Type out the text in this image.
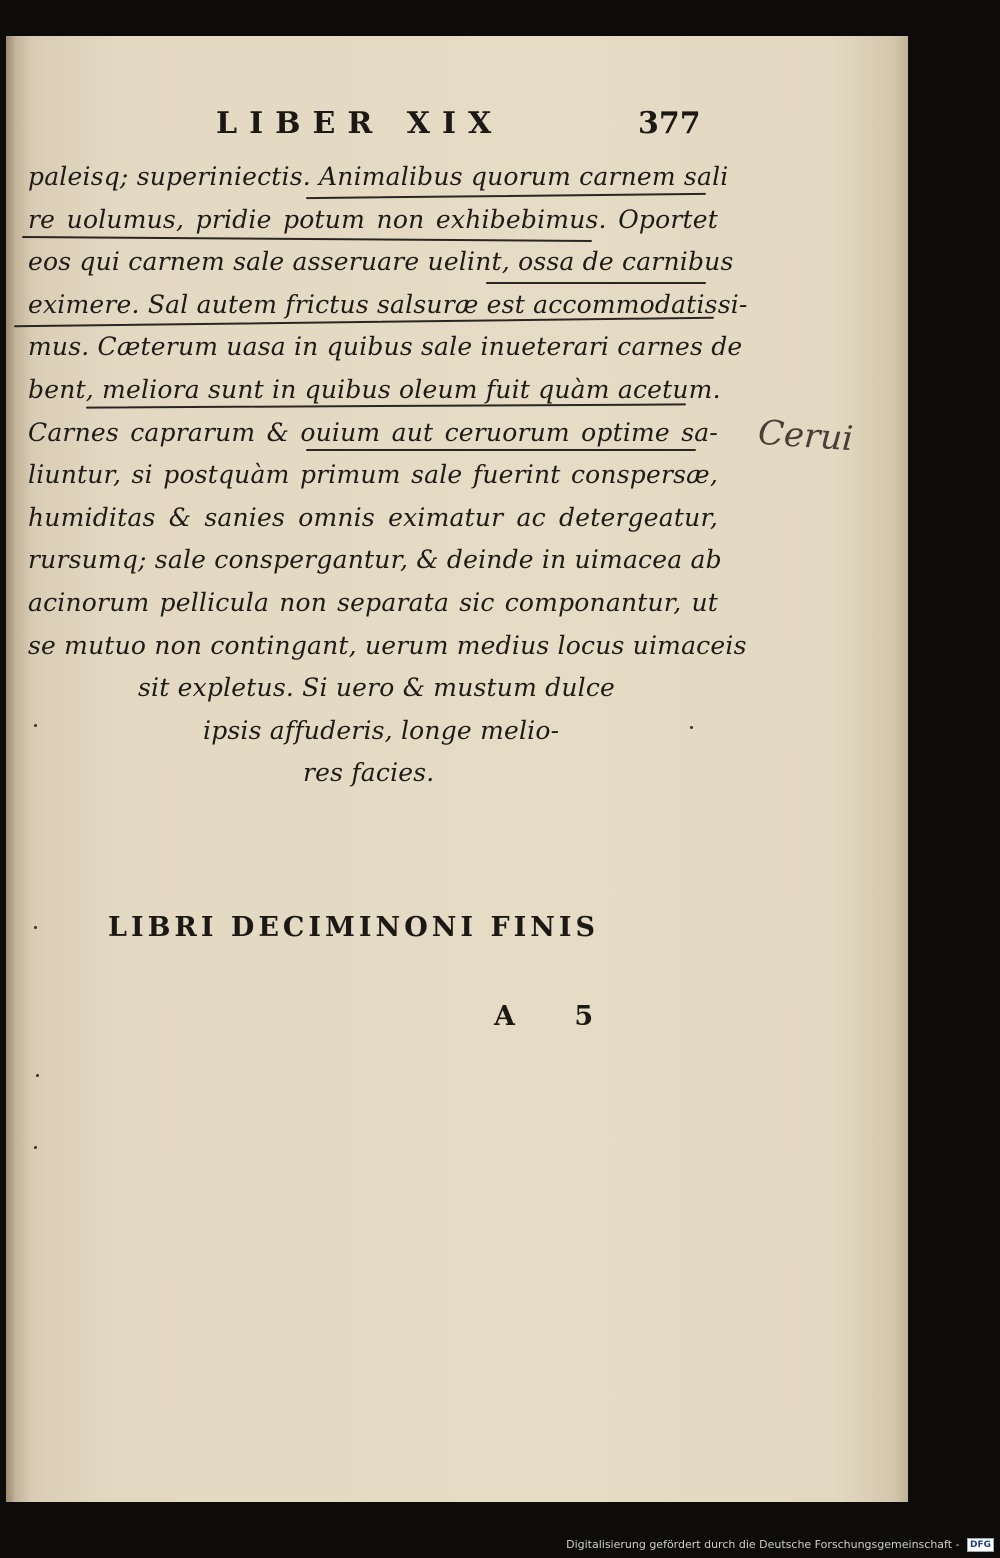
LIBER XIX	377
paleisq; superiniectis. Animalibus quorum carnem sali
re uolumus, pridie potum non exhibebimus. Oportet
eos qui carnem sale asseruare uelint, ossa de carnibus
eximere. Sal autem frictus salsuræ est accommodatissi-
mus. Cæterum uasa in quibus sale inueterari carnes de
bent, meliora sunt in quibus oleum fuit quàm acetum.
Carnes caprarum & ouium aut ceruorum optime sa-
liuntur, si postquàm primum sale fuerint conspersæ,
humiditas & sanies omnis eximatur ac detergeatur,
rursumq; sale conspergantur, & deinde in uimacea ab
acinorum pellicula non separata sic componantur, ut
se mutuo non contingant, uerum medius locus uimaceis
sit expletus. Si uero & mustum dulce
ipsis affuderis, longe melio-
res facies.
Cerui
LIBRI DECIMINONI FINIS
A 5
Digitalisierung gefördert durch die Deutsche Forschungsgemeinschaft - DFG
